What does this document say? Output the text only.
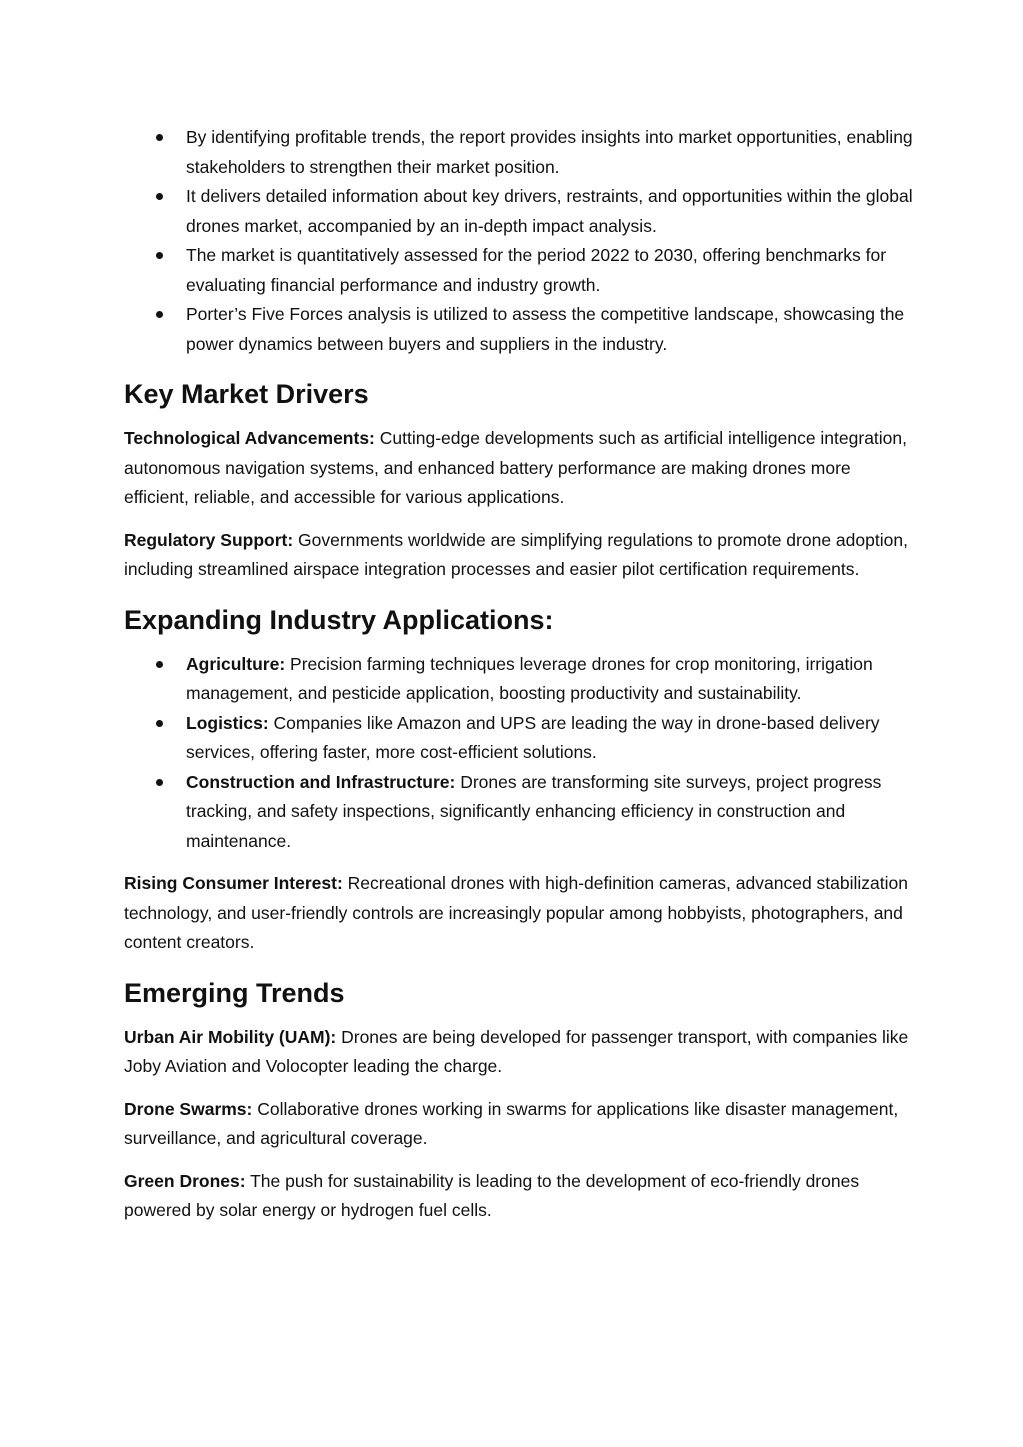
By identifying profitable trends, the report provides insights into market opportunities, enabling stakeholders to strengthen their market position.
It delivers detailed information about key drivers, restraints, and opportunities within the global drones market, accompanied by an in-depth impact analysis.
The market is quantitatively assessed for the period 2022 to 2030, offering benchmarks for evaluating financial performance and industry growth.
Porter’s Five Forces analysis is utilized to assess the competitive landscape, showcasing the power dynamics between buyers and suppliers in the industry.
Key Market Drivers

Technological Advancements: Cutting-edge developments such as artificial intelligence integration, autonomous navigation systems, and enhanced battery performance are making drones more efficient, reliable, and accessible for various applications.

Regulatory Support: Governments worldwide are simplifying regulations to promote drone adoption, including streamlined airspace integration processes and easier pilot certification requirements.

Expanding Industry Applications:
Agriculture: Precision farming techniques leverage drones for crop monitoring, irrigation management, and pesticide application, boosting productivity and sustainability.
Logistics: Companies like Amazon and UPS are leading the way in drone-based delivery services, offering faster, more cost-efficient solutions.
Construction and Infrastructure: Drones are transforming site surveys, project progress tracking, and safety inspections, significantly enhancing efficiency in construction and maintenance.

Rising Consumer Interest: Recreational drones with high-definition cameras, advanced stabilization technology, and user-friendly controls are increasingly popular among hobbyists, photographers, and content creators.

Emerging Trends

Urban Air Mobility (UAM): Drones are being developed for passenger transport, with companies like Joby Aviation and Volocopter leading the charge.

Drone Swarms: Collaborative drones working in swarms for applications like disaster management, surveillance, and agricultural coverage.

Green Drones: The push for sustainability is leading to the development of eco-friendly drones powered by solar energy or hydrogen fuel cells.
